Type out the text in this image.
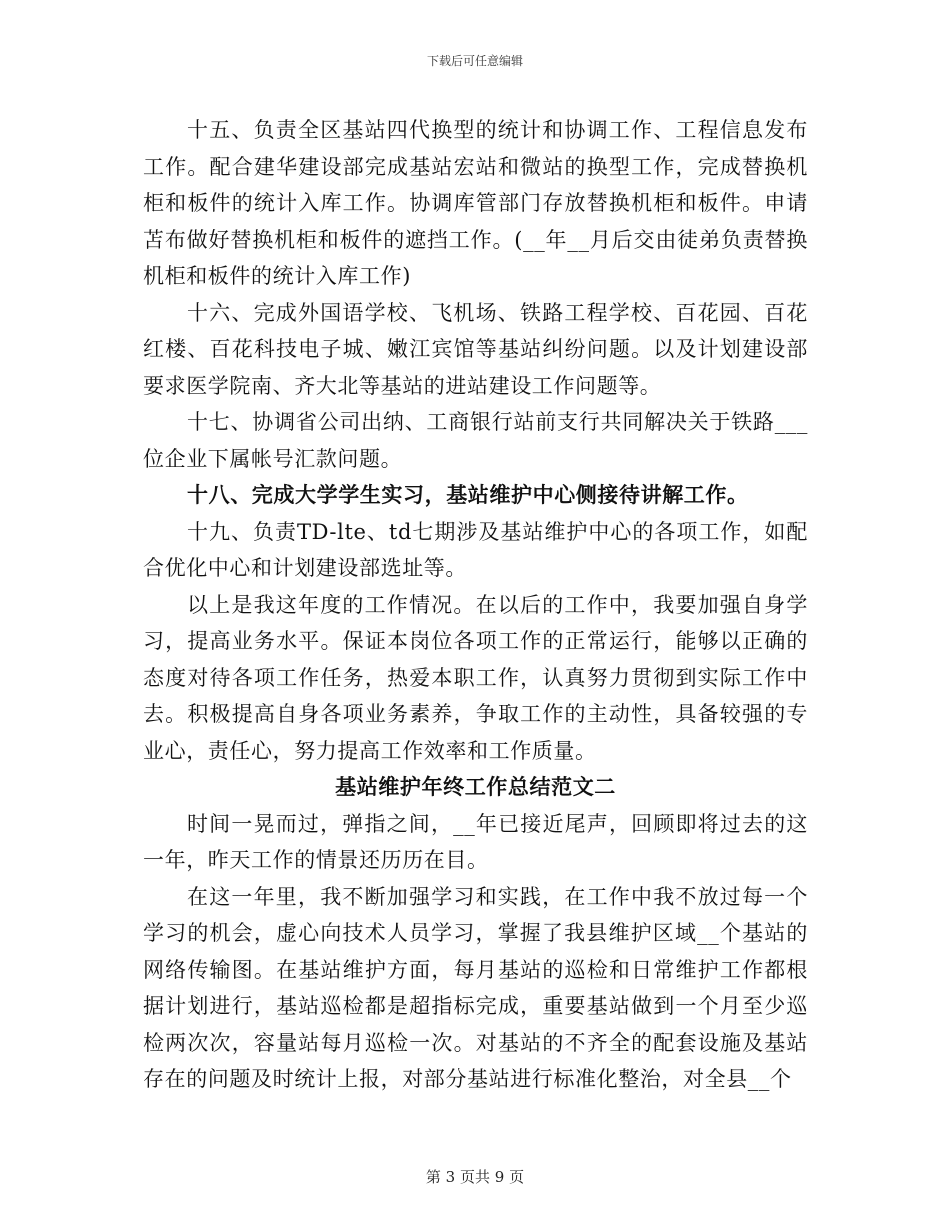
下载后可任意编辑

十五、负责全区基站四代换型的统计和协调工作、工程信息发布工作。配合建华建设部完成基站宏站和微站的换型工作，完成替换机柜和板件的统计入库工作。协调库管部门存放替换机柜和板件。申请苫布做好替换机柜和板件的遮挡工作。(__年__月后交由徒弟负责替换机柜和板件的统计入库工作)

十六、完成外国语学校、飞机场、铁路工程学校、百花园、百花红楼、百花科技电子城、嫩江宾馆等基站纠纷问题。以及计划建设部要求医学院南、齐大北等基站的进站建设工作问题等。

十七、协调省公司出纳、工商银行站前支行共同解决关于铁路___位企业下属帐号汇款问题。

十八、完成大学学生实习，基站维护中心侧接待讲解工作。

十九、负责TD-lte、td七期涉及基站维护中心的各项工作，如配合优化中心和计划建设部选址等。

以上是我这年度的工作情况。在以后的工作中，我要加强自身学习，提高业务水平。保证本岗位各项工作的正常运行，能够以正确的态度对待各项工作任务，热爱本职工作，认真努力贯彻到实际工作中去。积极提高自身各项业务素养，争取工作的主动性，具备较强的专业心，责任心，努力提高工作效率和工作质量。

基站维护年终工作总结范文二

时间一晃而过，弹指之间，__年已接近尾声，回顾即将过去的这一年，昨天工作的情景还历历在目。

在这一年里，我不断加强学习和实践，在工作中我不放过每一个学习的机会，虚心向技术人员学习，掌握了我县维护区域__个基站的网络传输图。在基站维护方面，每月基站的巡检和日常维护工作都根据计划进行，基站巡检都是超指标完成，重要基站做到一个月至少巡检两次次，容量站每月巡检一次。对基站的不齐全的配套设施及基站存在的问题及时统计上报，对部分基站进行标准化整治，对全县__个

第 3 页共 9 页
